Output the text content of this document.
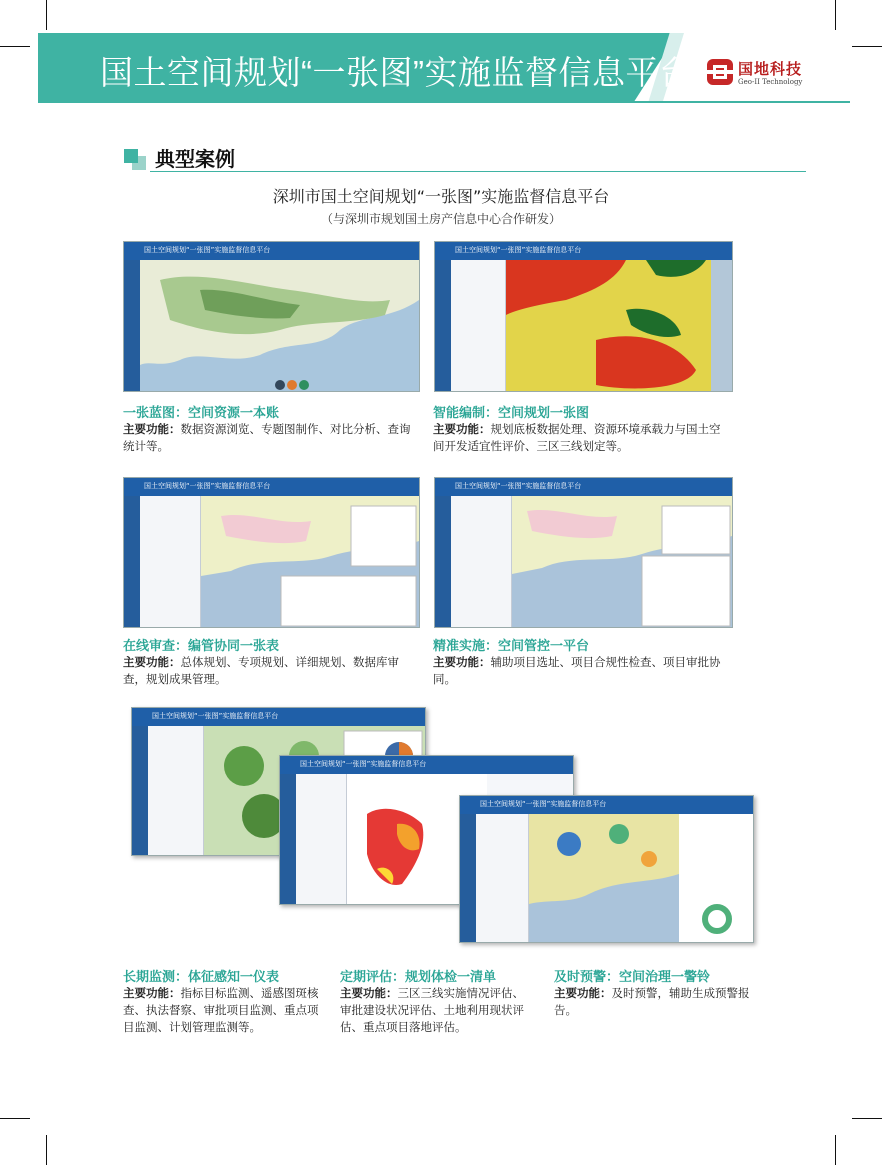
国土空间规划“一张图”实施监督信息平台	国地科技
Geo-II Technology
典型案例
深圳市国土空间规划“一张图”实施监督信息平台
（与深圳市规划国土房产信息中心合作研发）
国土空间规划“一张图”实施监督信息平台	国土空间规划“一张图”实施监督信息平台
一张蓝图：空间资源一本账
主要功能：数据资源浏览、专题图制作、对比分析、查询统计等。
智能编制：空间规划一张图
主要功能：规划底板数据处理、资源环境承载力与国土空间开发适宜性评价、三区三线划定等。
国土空间规划“一张图”实施监督信息平台	国土空间规划“一张图”实施监督信息平台
在线审查：编管协同一张表
主要功能：总体规划、专项规划、详细规划、数据库审查，规划成果管理。
精准实施：空间管控一平台
主要功能：辅助项目选址、项目合规性检查、项目审批协同。
国土空间规划“一张图”实施监督信息平台
国土空间规划“一张图”实施监督信息平台
国土空间规划“一张图”实施监督信息平台
长期监测：体征感知一仪表
主要功能：指标目标监测、遥感图斑核查、执法督察、审批项目监测、重点项目监测、计划管理监测等。
定期评估：规划体检一清单
主要功能：三区三线实施情况评估、审批建设状况评估、土地利用现状评估、重点项目落地评估。
及时预警：空间治理一警铃
主要功能：及时预警，辅助生成预警报告。
